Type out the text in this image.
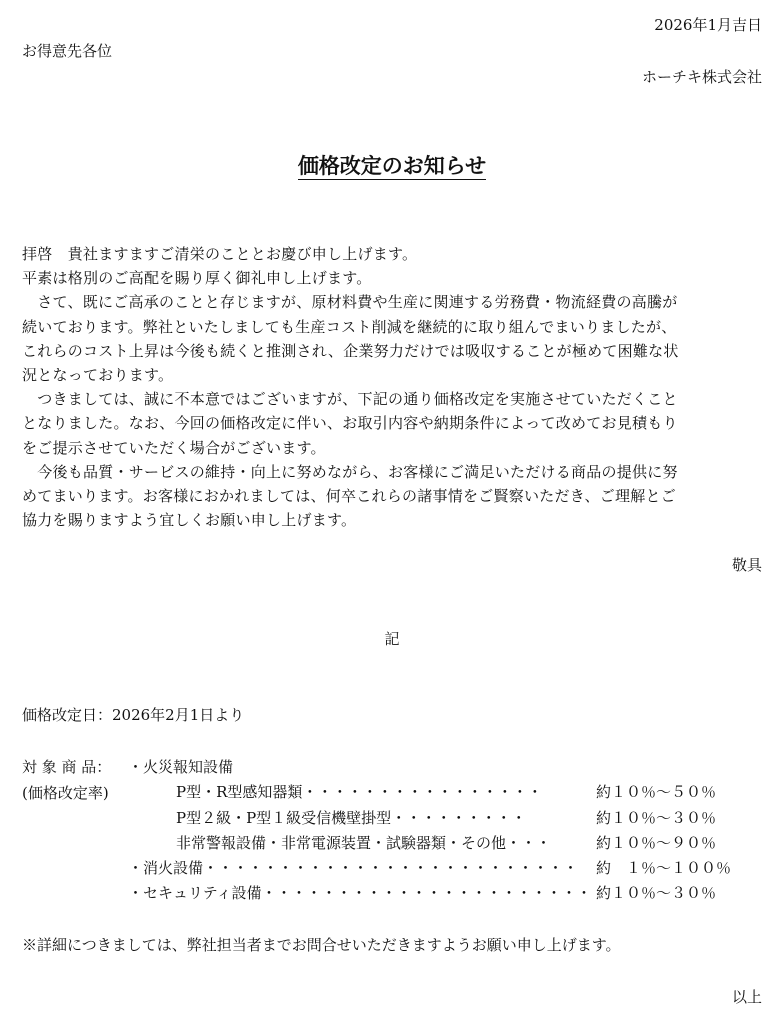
2026年1月吉日
お得意先各位
ホーチキ株式会社
価格改定のお知らせ

拝啓　貴社ますますご清栄のこととお慶び申し上げます。

平素は格別のご高配を賜り厚く御礼申し上げます。

　さて、既にご高承のことと存じますが、原材料費や生産に関連する労務費・物流経費の高騰が

続いております。弊社といたしましても生産コスト削減を継続的に取り組んでまいりましたが、

これらのコスト上昇は今後も続くと推測され、企業努力だけでは吸収することが極めて困難な状

況となっております。

　つきましては、誠に不本意ではございますが、下記の通り価格改定を実施させていただくこと

となりました。なお、今回の価格改定に伴い、お取引内容や納期条件によって改めてお見積もり

をご提示させていただく場合がございます。

　今後も品質・サービスの維持・向上に努めながら、お客様にご満足いただける商品の提供に努

めてまいります。お客様におかれましては、何卒これらの諸事情をご賢察いただき、ご理解とご

協力を賜りますよう宜しくお願い申し上げます。

敬具
記
価格改定日：2026年2月1日より
対 象 商 品： ・火災報知設備
(価格改定率)	P型・R型感知器類・・・・・・・・・・・・・・・・	約１０％～５０％
P型２級・P型１級受信機壁掛型・・・・・・・・・	約１０％～３０％
非常警報設備・非常電源装置・試験器類・その他・・・	約１０％～９０％
・消火設備・・・・・・・・・・・・・・・・・・・・・・・・・ 約　１％～１００％
・セキュリティ設備・・・・・・・・・・・・・・・・・・・・・・ 約１０％～３０％
※詳細につきましては、弊社担当者までお問合せいただきますようお願い申し上げます。
以上
